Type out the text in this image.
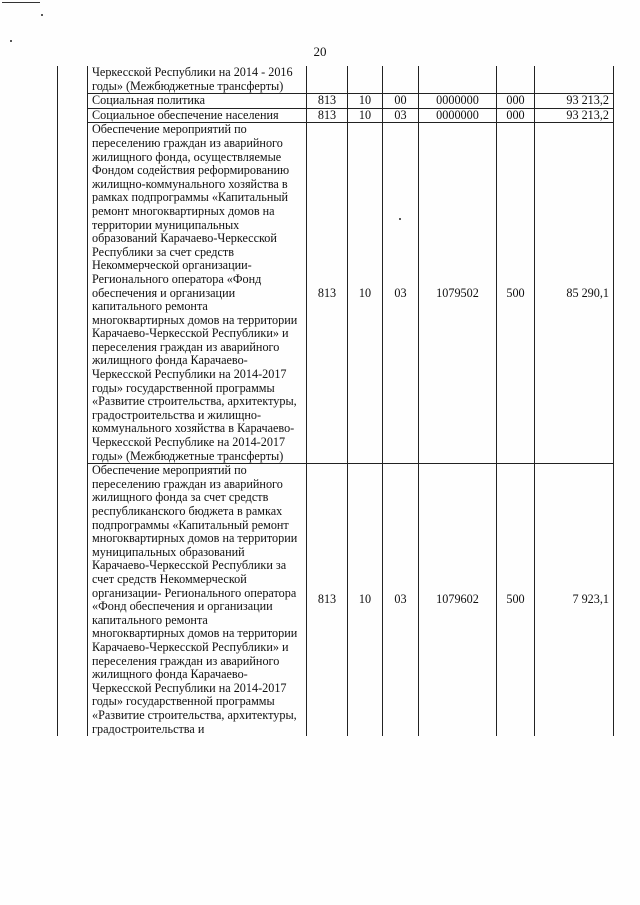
20
	Черкесской Республики на 2014 - 2016 годы» (Межбюджетные трансферты)						
	Социальная политика	813	10	00	0000000	000	93 213,2
	Социальное обеспечение населения	813	10	03	0000000	000	93 213,2
	Обеспечение мероприятий по переселению граждан из аварийного жилищного фонда, осуществляемые Фондом содействия реформированию жилищно-коммунального хозяйства в рамках подпрограммы «Капитальный ремонт многоквартирных домов на территории муниципальных образований Карачаево-Черкесской Республики за счет средств Некоммерческой организации- Регионального оператора «Фонд обеспечения и организации капитального ремонта многоквартирных домов на территории Карачаево-Черкесской Республики» и переселения граждан из аварийного жилищного фонда Карачаево-Черкесской Республики на 2014-2017 годы» государственной программы «Развитие строительства, архитектуры, градостроительства и жилищно-коммунального хозяйства в Карачаево-Черкесской Республике на 2014-2017 годы» (Межбюджетные трансферты)	813	10	03	1079502	500	85 290,1
	Обеспечение мероприятий по переселению граждан из аварийного жилищного фонда за счет средств республиканского бюджета в рамках подпрограммы «Капитальный ремонт многоквартирных домов на территории муниципальных образований Карачаево-Черкесской Республики за счет средств Некоммерческой организации- Регионального оператора «Фонд обеспечения и организации капитального ремонта многоквартирных домов на территории Карачаево-Черкесской Республики» и переселения граждан из аварийного жилищного фонда Карачаево-Черкесской Республики на 2014-2017 годы» государственной программы «Развитие строительства, архитектуры, градостроительства и	813	10	03	1079602	500	7 923,1
